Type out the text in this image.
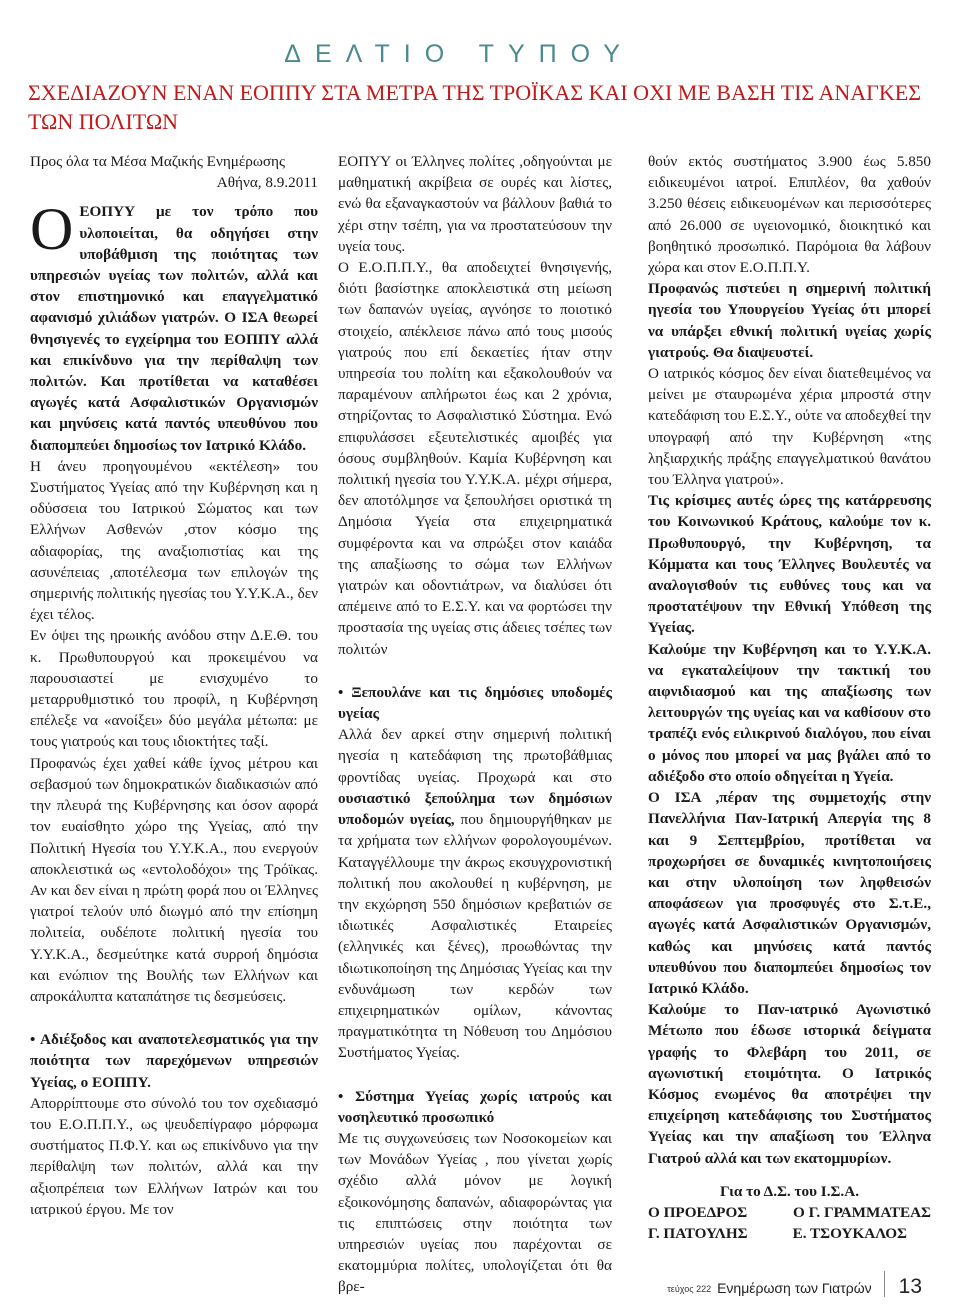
ΔΕΛΤΙΟ ΤΥΠΟΥ
ΣΧΕΔΙΑΖΟΥΝ ΕΝΑΝ ΕΟΠΠΥ ΣΤΑ ΜΕΤΡΑ ΤΗΣ ΤΡΟΪΚΑΣ ΚΑΙ ΟΧΙ ΜΕ ΒΑΣΗ ΤΙΣ ΑΝΑΓΚΕΣ ΤΩΝ ΠΟΛΙΤΩΝ

Προς όλα τα Μέσα Μαζικής Ενημέρωσης

Αθήνα, 8.9.2011

ΟΕΟΠΥΥ με τον τρόπο που υλοποιείται, θα οδηγήσει στην υποβάθμιση της ποιότητας των υπηρεσιών υγείας των πολιτών, αλλά και στον επιστημονικό και επαγγελματικό αφανισμό χιλιάδων γιατρών. Ο ΙΣΑ θεωρεί θνησιγενές το εγχείρημα του ΕΟΠΠΥ αλλά και επικίνδυνο για την περίθαλψη των πολιτών. Και προτίθεται να καταθέσει αγωγές κατά Ασφαλιστικών Οργανισμών και μηνύσεις κατά παντός υπευθύνου που διαπομπεύει δημοσίως τον Ιατρικό Κλάδο.

Η άνευ προηγουμένου «εκτέλεση» του Συστήματος Υγείας από την Κυβέρνηση και η οδύσσεια του Ιατρικού Σώματος και των Ελλήνων Ασθενών ,στον κόσμο της αδιαφορίας, της αναξιοπιστίας και της ασυνέπειας ,αποτέλεσμα των επιλογών της σημερινής πολιτικής ηγεσίας του Υ.Υ.Κ.Α., δεν έχει τέλος.

Εν όψει της ηρωικής ανόδου στην Δ.Ε.Θ. του κ. Πρωθυπουργού και προκειμένου να παρουσιαστεί με ενισχυμένο το μεταρρυθμιστικό του προφίλ, η Κυβέρνηση επέλεξε να «ανοίξει» δύο μεγάλα μέτωπα: με τους γιατρούς και τους ιδιοκτήτες ταξί.

Προφανώς έχει χαθεί κάθε ίχνος μέτρου και σεβασμού των δημοκρατικών διαδικασιών από την πλευρά της Κυβέρνησης και όσον αφορά τον ευαίσθητο χώρο της Υγείας, από την Πολιτική Ηγεσία του Υ.Υ.Κ.Α., που ενεργούν αποκλειστικά ως «εντολοδόχοι» της Τρόϊκας. Αν και δεν είναι η πρώτη φορά που οι Έλληνες γιατροί τελούν υπό διωγμό από την επίσημη πολιτεία, ουδέποτε πολιτική ηγεσία του Υ.Υ.Κ.Α., δεσμεύτηκε κατά συρροή δημόσια και ενώπιον της Βουλής των Ελλήνων και απροκάλυπτα καταπάτησε τις δεσμεύσεις.

• Αδιέξοδος και αναποτελεσματικός για την ποιότητα των παρεχόμενων υπηρεσιών Υγείας, ο ΕΟΠΠΥ.

Απορρίπτουμε στο σύνολό του τον σχεδιασμό του Ε.Ο.Π.Π.Υ., ως ψευδεπίγραφο μόρφωμα συστήματος Π.Φ.Υ. και ως επικίνδυνο για την περίθαλψη των πολιτών, αλλά και την αξιοπρέπεια των Ελλήνων Ιατρών και του ιατρικού έργου. Με τον

ΕΟΠΥΥ οι Έλληνες πολίτες ,οδηγούνται με μαθηματική ακρίβεια σε ουρές και λίστες, ενώ θα εξαναγκαστούν να βάλλουν βαθιά το χέρι στην τσέπη, για να προστατεύσουν την υγεία τους.

Ο Ε.Ο.Π.Π.Υ., θα αποδειχτεί θνησιγενής, διότι βασίστηκε αποκλειστικά στη μείωση των δαπανών υγείας, αγνόησε το ποιοτικό στοιχείο, απέκλεισε πάνω από τους μισούς γιατρούς που επί δεκαετίες ήταν στην υπηρεσία του πολίτη και εξακολουθούν να παραμένουν απλήρωτοι έως και 2 χρόνια, στηρίζοντας το Ασφαλιστικό Σύστημα. Ενώ επιφυλάσσει εξευτελιστικές αμοιβές για όσους συμβληθούν. Καμία Κυβέρνηση και πολιτική ηγεσία του Υ.Υ.Κ.Α. μέχρι σήμερα, δεν αποτόλμησε να ξεπουλήσει οριστικά τη Δημόσια Υγεία στα επιχειρηματικά συμφέροντα και να σπρώξει στον καιάδα της απαξίωσης το σώμα των Ελλήνων γιατρών και οδοντιάτρων, να διαλύσει ότι απέμεινε από το Ε.Σ.Υ. και να φορτώσει την προστασία της υγείας στις άδειες τσέπες των πολιτών

• Ξεπουλάνε και τις δημόσιες υποδομές υγείας

Αλλά δεν αρκεί στην σημερινή πολιτική ηγεσία η κατεδάφιση της πρωτοβάθμιας φροντίδας υγείας. Προχωρά και στο ουσιαστικό ξεπούλημα των δημόσιων υποδομών υγείας, που δημιουργήθηκαν με τα χρήματα των ελλήνων φορολογουμένων. Καταγγέλλουμε την άκρως εκσυγχρονιστική πολιτική που ακολουθεί η κυβέρνηση, με την εκχώρηση 550 δημόσιων κρεβατιών σε ιδιωτικές Ασφαλιστικές Εταιρείες (ελληνικές και ξένες), προωθώντας την ιδιωτικοποίηση της Δημόσιας Υγείας και την ενδυνάμωση των κερδών των επιχειρηματικών ομίλων, κάνοντας πραγματικότητα τη Νόθευση του Δημόσιου Συστήματος Υγείας.

• Σύστημα Υγείας χωρίς ιατρούς και νοσηλευτικό προσωπικό

Με τις συγχωνεύσεις των Νοσοκομείων και των Μονάδων Υγείας , που γίνεται χωρίς σχέδιο αλλά μόνον με λογική εξοικονόμησης δαπανών, αδιαφορώντας για τις επιπτώσεις στην ποιότητα των υπηρεσιών υγείας που παρέχονται σε εκατομμύρια πολίτες, υπολογίζεται ότι θα βρε-

θούν εκτός συστήματος 3.900 έως 5.850 ειδικευμένοι ιατροί. Επιπλέον, θα χαθούν 3.250 θέσεις ειδικευομένων και περισσότερες από 26.000 σε υγειονομικό, διοικητικό και βοηθητικό προσωπικό. Παρόμοια θα λάβουν χώρα και στον Ε.Ο.Π.Π.Υ.

Προφανώς πιστεύει η σημερινή πολιτική ηγεσία του Υπουργείου Υγείας ότι μπορεί να υπάρξει εθνική πολιτική υγείας χωρίς γιατρούς. Θα διαψευστεί.

Ο ιατρικός κόσμος δεν είναι διατεθειμένος να μείνει με σταυρωμένα χέρια μπροστά στην κατεδάφιση του Ε.Σ.Υ., ούτε να αποδεχθεί την υπογραφή από την Κυβέρνηση «της ληξιαρχικής πράξης επαγγελματικού θανάτου του Έλληνα γιατρού».

Τις κρίσιμες αυτές ώρες της κατάρρευσης του Κοινωνικού Κράτους, καλούμε τον κ. Πρωθυπουργό, την Κυβέρνηση, τα Κόμματα και τους Έλληνες Βουλευτές να αναλογισθούν τις ευθύνες τους και να προστατέψουν την Εθνική Υπόθεση της Υγείας.

Καλούμε την Κυβέρνηση και το Υ.Υ.Κ.Α. να εγκαταλείψουν την τακτική του αιφνιδιασμού και της απαξίωσης των λειτουργών της υγείας και να καθίσουν στο τραπέζι ενός ειλικρινού διαλόγου, που είναι ο μόνος που μπορεί να μας βγάλει από το αδιέξοδο στο οποίο οδηγείται η Υγεία.

Ο ΙΣΑ ,πέραν της συμμετοχής στην Πανελλήνια Παν-Ιατρική Απεργία της 8 και 9 Σεπτεμβρίου, προτίθεται να προχωρήσει σε δυναμικές κινητοποιήσεις και στην υλοποίηση των ληφθεισών αποφάσεων για προσφυγές στο Σ.τ.Ε., αγωγές κατά Ασφαλιστικών Οργανισμών, καθώς και μηνύσεις κατά παντός υπευθύνου που διαπομπεύει δημοσίως τον Ιατρικό Κλάδο.

Καλούμε το Παν-ιατρικό Αγωνιστικό Μέτωπο που έδωσε ιστορικά δείγματα γραφής το Φλεβάρη του 2011, σε αγωνιστική ετοιμότητα. Ο Ιατρικός Κόσμος ενωμένος θα αποτρέψει την επιχείρηση κατεδάφισης του Συστήματος Υγείας και την απαξίωση του Έλληνα Γιατρού αλλά και των εκατομμυρίων.

Για το Δ.Σ. του Ι.Σ.Α.

Ο ΠΡΟΕΔΡΟΣ	Ο Γ. ΓΡΑΜΜΑΤΕΑΣ
Γ. ΠΑΤΟΥΛΗΣ	Ε. ΤΣΟΥΚΑΛΟΣ
τεύχος 222 Ενημέρωση των Γιατρών 13
